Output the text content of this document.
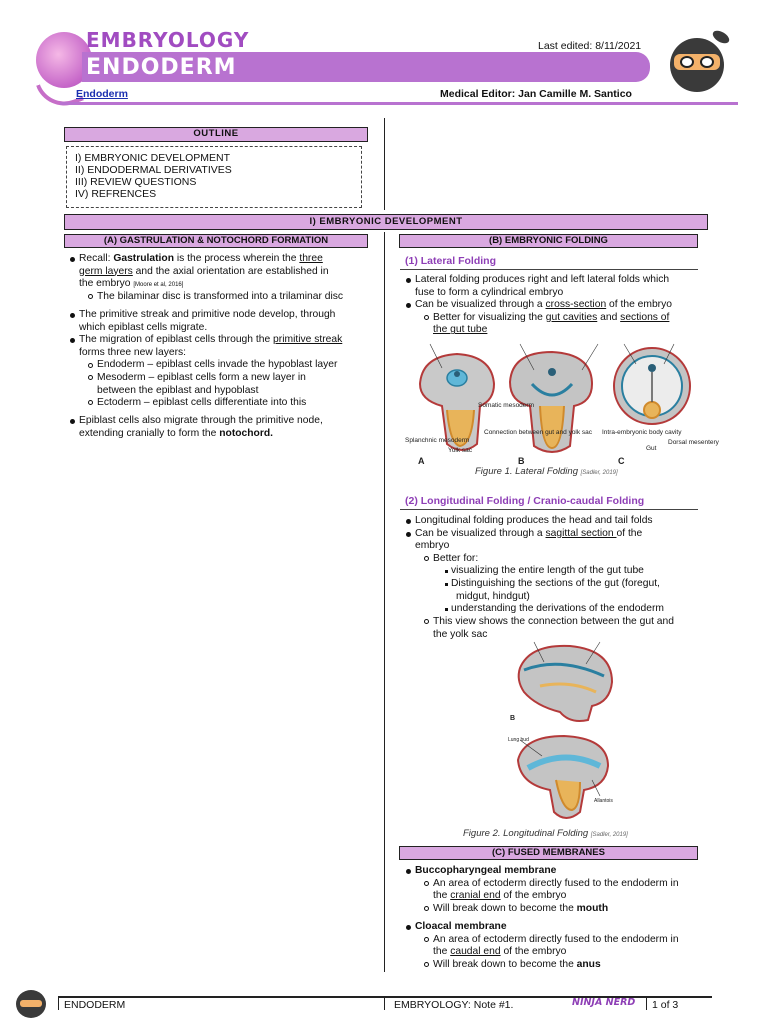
EMBRYOLOGY
ENDODERM
Last edited: 8/11/2021
Endoderm	Medical Editor: Jan Camille M. Santico
OUTLINE
I) EMBRYONIC DEVELOPMENT
II) ENDODERMAL DERIVATIVES
III) REVIEW QUESTIONS
IV) REFRENCES
I) EMBRYONIC DEVELOPMENT
(A) GASTRULATION & NOTOCHORD FORMATION
Recall: Gastrulation is the process wherein the three
germ layers and the axial orientation are established in
the embryo [Moore et al, 2016]
The bilaminar disc is transformed into a trilaminar disc
The primitive streak and primitive node develop, through
which epiblast cells migrate.
The migration of epiblast cells through the primitive streak
forms three new layers:
Endoderm – epiblast cells invade the hypoblast layer
Mesoderm – epiblast cells form a new layer in
between the epiblast and hypoblast
Ectoderm – epiblast cells differentiate into this
Epiblast cells also migrate through the primitive node,
extending cranially to form the notochord.
(B) EMBRYONIC FOLDING
(1) Lateral Folding
Lateral folding produces right and left lateral folds which
fuse to form a cylindrical embryo
Can be visualized through a cross-section of the embryo
Better for visualizing the gut cavities and sections of
the gut tube
Somatic mesoderm
Splanchnic mesoderm
Yolk sac
Connection between gut and yolk sac Intra-embryonic body cavity
Gut
Dorsal mesentery
A	B	C
Figure 1. Lateral Folding [Sadler, 2019]
(2) Longitudinal Folding / Cranio-caudal Folding
Longitudinal folding produces the head and tail folds
Can be visualized through a sagittal section of the
embryo
Better for:
visualizing the entire length of the gut tube
Distinguishing the sections of the gut (foregut,
midgut, hindgut)
understanding the derivations of the endoderm
This view shows the connection between the gut and
the yolk sac
B
Lung bud
Allantois
Figure 2. Longitudinal Folding [Sadler, 2019]
(C) FUSED MEMBRANES
Buccopharyngeal membrane
An area of ectoderm directly fused to the endoderm in
the cranial end of the embryo
Will break down to become the mouth
Cloacal membrane
An area of ectoderm directly fused to the endoderm in
the caudal end of the embryo
Will break down to become the anus
ENDODERM	EMBRYOLOGY: Note #1.	NINJA NERD 1 of 3
